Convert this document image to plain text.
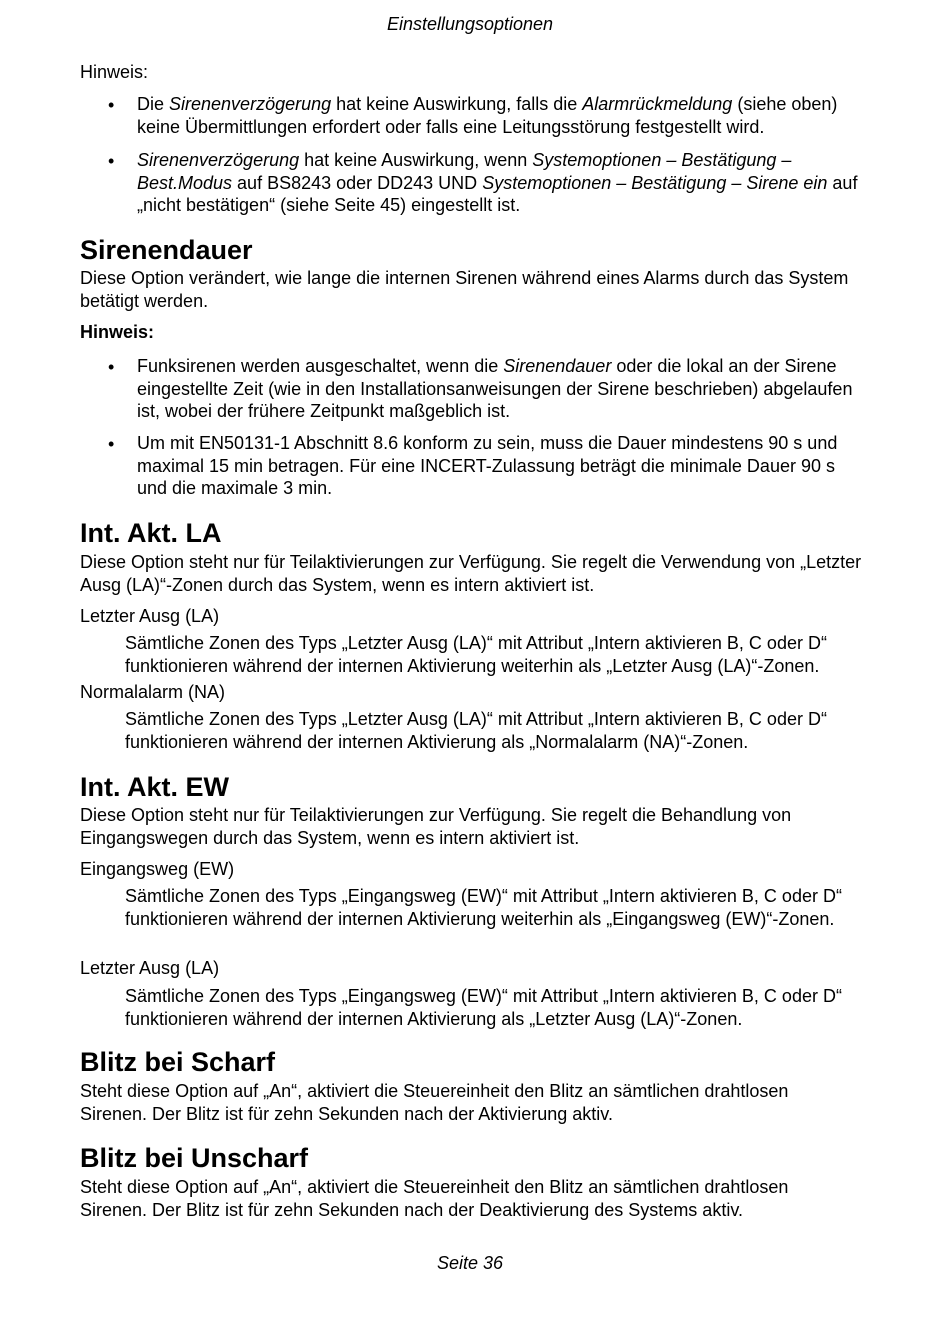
Einstellungsoptionen
Hinweis:
• Die Sirenenverzögerung hat keine Auswirkung, falls die Alarmrückmeldung (siehe oben) keine Übermittlungen erfordert oder falls eine Leitungsstörung festgestellt wird.
• Sirenenverzögerung hat keine Auswirkung, wenn Systemoptionen – Bestätigung – Best.Modus auf BS8243 oder DD243 UND Systemoptionen – Bestätigung – Sirene ein auf „nicht bestätigen“ (siehe Seite 45) eingestellt ist.
Sirenendauer
Diese Option verändert, wie lange die internen Sirenen während eines Alarms durch das System betätigt werden.
Hinweis:
• Funksirenen werden ausgeschaltet, wenn die Sirenendauer oder die lokal an der Sirene eingestellte Zeit (wie in den Installationsanweisungen der Sirene beschrieben) abgelaufen ist, wobei der frühere Zeitpunkt maßgeblich ist.
• Um mit EN50131-1 Abschnitt 8.6 konform zu sein, muss die Dauer mindestens 90 s und maximal 15 min betragen. Für eine INCERT-Zulassung beträgt die minimale Dauer 90 s und die maximale 3 min.
Int. Akt. LA
Diese Option steht nur für Teilaktivierungen zur Verfügung. Sie regelt die Verwendung von „Letzter Ausg (LA)“-Zonen durch das System, wenn es intern aktiviert ist.
Letzter Ausg (LA)
Sämtliche Zonen des Typs „Letzter Ausg (LA)“ mit Attribut „Intern aktivieren B, C oder D“ funktionieren während der internen Aktivierung weiterhin als „Letzter Ausg (LA)“-Zonen.
Normalalarm (NA)
Sämtliche Zonen des Typs „Letzter Ausg (LA)“ mit Attribut „Intern aktivieren B, C oder D“ funktionieren während der internen Aktivierung als „Normalalarm (NA)“-Zonen.
Int. Akt. EW
Diese Option steht nur für Teilaktivierungen zur Verfügung. Sie regelt die Behandlung von Eingangswegen durch das System, wenn es intern aktiviert ist.
Eingangsweg (EW)
Sämtliche Zonen des Typs „Eingangsweg (EW)“ mit Attribut „Intern aktivieren B, C oder D“ funktionieren während der internen Aktivierung weiterhin als „Eingangsweg (EW)“-Zonen.
Letzter Ausg (LA)
Sämtliche Zonen des Typs „Eingangsweg (EW)“ mit Attribut „Intern aktivieren B, C oder D“ funktionieren während der internen Aktivierung als „Letzter Ausg (LA)“-Zonen.
Blitz bei Scharf
Steht diese Option auf „An“, aktiviert die Steuereinheit den Blitz an sämtlichen drahtlosen Sirenen. Der Blitz ist für zehn Sekunden nach der Aktivierung aktiv.
Blitz bei Unscharf
Steht diese Option auf „An“, aktiviert die Steuereinheit den Blitz an sämtlichen drahtlosen Sirenen. Der Blitz ist für zehn Sekunden nach der Deaktivierung des Systems aktiv.
Seite 36
